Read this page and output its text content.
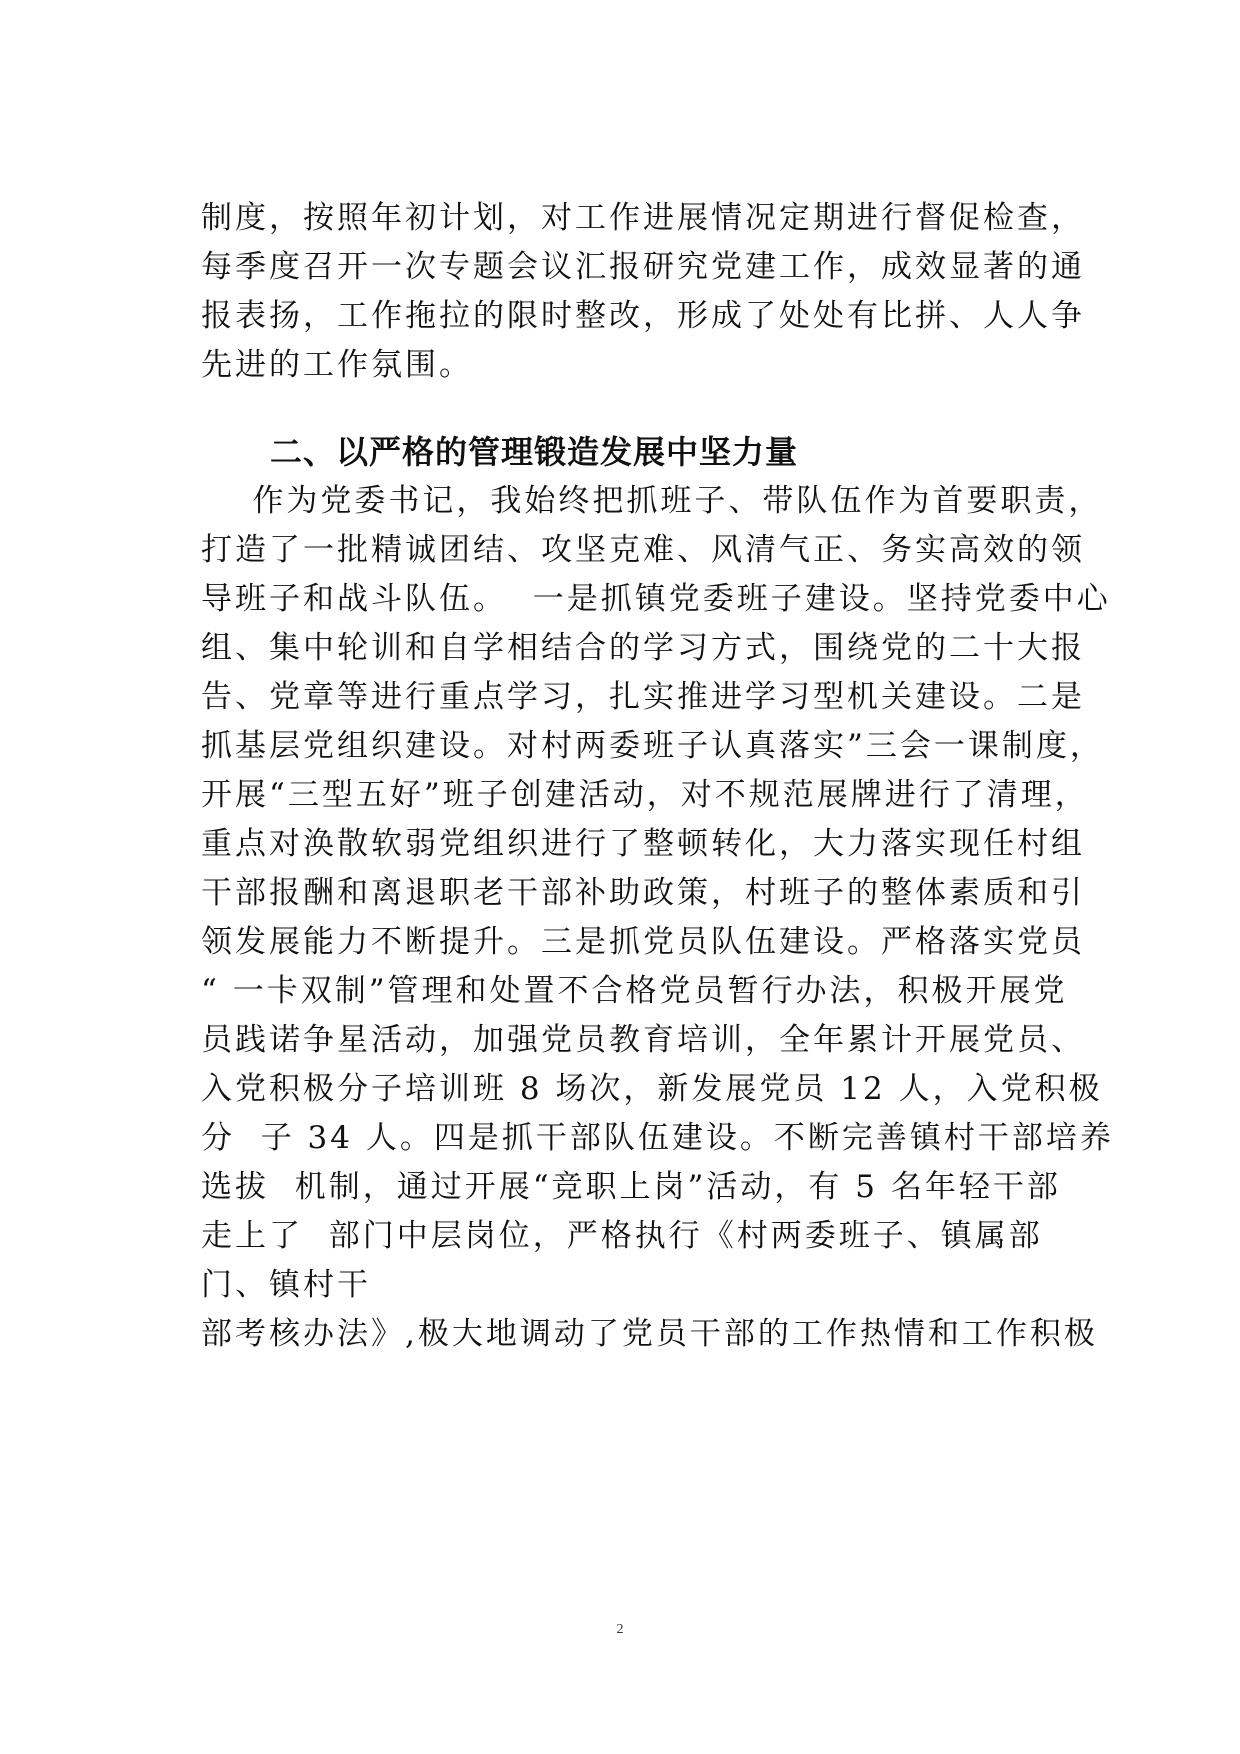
制度，按照年初计划，对工作进展情况定期进行督促检查，
每季度召开一次专题会议汇报研究党建工作，成效显著的通
报表扬，工作拖拉的限时整改，形成了处处有比拼、人人争
先进的工作氛围。
二、以严格的管理锻造发展中坚力量
作为党委书记，我始终把抓班子、带队伍作为首要职责，
打造了一批精诚团结、攻坚克难、风清气正、务实高效的领
导班子和战斗队伍。  一是抓镇党委班子建设。坚持党委中心
组、集中轮训和自学相结合的学习方式，围绕党的二十大报
告、党章等进行重点学习，扎实推进学习型机关建设。二是
抓基层党组织建设。对村两委班子认真落实”三会一课制度，
开展“三型五好”班子创建活动，对不规范展牌进行了清理，
重点对涣散软弱党组织进行了整顿转化，大力落实现任村组
干部报酬和离退职老干部补助政策，村班子的整体素质和引
领发展能力不断提升。三是抓党员队伍建设。严格落实党员
“ 一卡双制”管理和处置不合格党员暂行办法，积极开展党
员践诺争星活动，加强党员教育培训，全年累计开展党员、
入党积极分子培训班 8 场次，新发展党员 12 人，入党积极
分  子 34 人。四是抓干部队伍建设。不断完善镇村干部培养
选拔  机制，通过开展“竞职上岗”活动，有 5 名年轻干部
走上了  部门中层岗位，严格执行《村两委班子、镇属部
门、镇村干
部考核办法》,极大地调动了党员干部的工作热情和工作积极
2
